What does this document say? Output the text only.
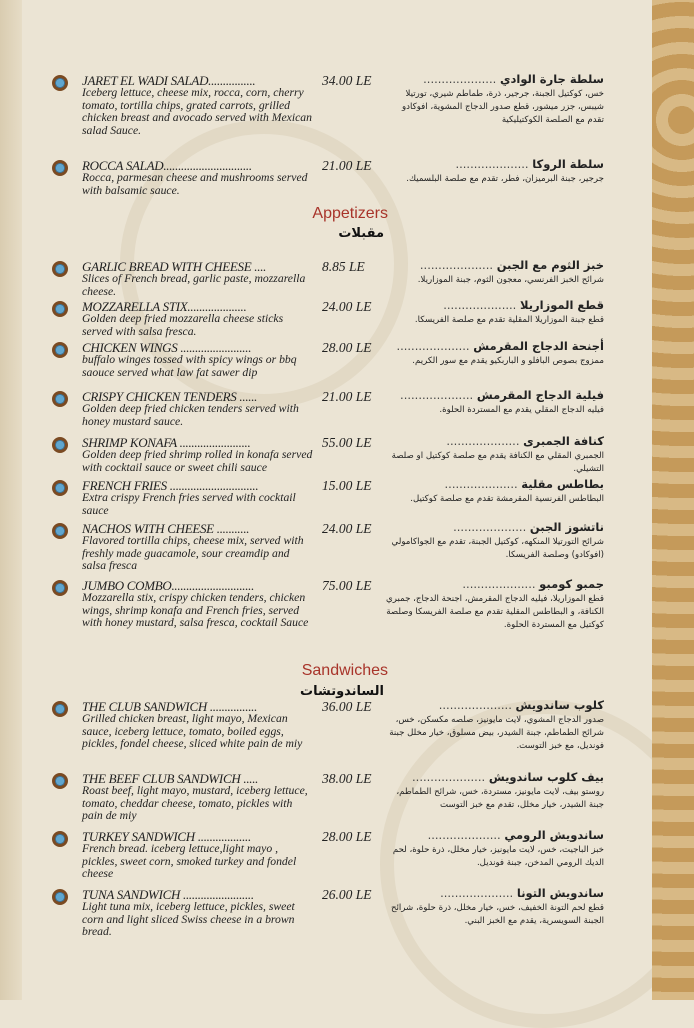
JARET EL WADI SALAD................
Iceberg lettuce, cheese mix, rocca, corn, cherry tomato, tortilla chips, grated carrots, grilled chicken breast and avocado served with Mexican salad Sauce.
34.00 LE	سلطة جارة الوادي ....................
خس، كوكتيل الجبنة، جرجير، ذرة، طماطم شيري، تورتيلا شيبس، جزر ميشور، قطع صدور الدجاج المشوية، افوكادو تقدم مع الصلصة الكوكتيليكية
ROCCA SALAD..............................
Rocca, parmesan cheese and mushrooms served with balsamic sauce.
21.00 LE	سلطة الروكا ....................
جرجير، جبنة البرميزان، فطر، تقدم مع صلصة البلسميك.
Appetizers
مقبلات
GARLIC BREAD WITH CHEESE ....
Slices of French bread, garlic paste, mozzarella cheese.
8.85 LE	خبز الثوم مع الجبن ....................
شرائح الخبز الفرنسي، معجون الثوم، جبنة الموزاريلا.
MOZZARELLA STIX....................
Golden deep fried mozzarella cheese sticks served with salsa fresca.
24.00 LE	قطع الموزاريلا ....................
قطع جبنة الموزاريلا المقلية تقدم مع صلصة الفريسكا.
CHICKEN WINGS ........................
buffalo winges tossed with spicy wings or bbq saouce served what law fat sawer dip
28.00 LE	أجنحة الدجاج المقرمش ....................
ممزوج بصوص البافلو و الباربكيو يقدم مع سور الكريم.
CRISPY CHICKEN TENDERS ......
Golden deep fried chicken tenders served with honey mustard sauce.
21.00 LE	فيلية الدجاج المقرمش ....................
فيليه الدجاج المقلي يقدم مع المستردة الحلوة.
SHRIMP KONAFA ........................
Golden deep fried shrimp rolled in konafa served with cocktail sauce or sweet chili sauce
55.00 LE	كنافة الجمبرى ....................
الجمبري المقلي مع الكنافة يقدم مع صلصة كوكتيل او صلصة التشيلي.
FRENCH FRIES ..............................
Extra crispy French fries served with cocktail sauce
15.00 LE	بطاطس مقلية ....................
البطاطس الفرنسية المقرمشة تقدم مع صلصة كوكتيل.
NACHOS WITH CHEESE ...........
Flavored tortilla chips, cheese mix, served with freshly made guacamole, sour creamdip and salsa fresca
24.00 LE	ناتشوز الجبن ....................
شرائح التورتيلا المنكهه، كوكتيل الجبنة، تقدم مع الجواكامولي (افوكادو) وصلصة الفريسكا.
JUMBO COMBO............................
Mozzarella stix, crispy chicken tenders, chicken wings, shrimp konafa and French fries, served with honey mustard, salsa fresca, cocktail Sauce
75.00 LE	جمبو كومبو ....................
قطع الموزاريلا، فيليه الدجاج المقرمش، اجنحة الدجاج، جمبري الكنافة، و البطاطس المقلية تقدم مع صلصة الفريسكا وصلصة كوكتيل مع المستردة الحلوة.
Sandwiches
الساندوتشات
THE CLUB SANDWICH ................
Grilled chicken breast, light mayo, Mexican sauce, iceberg lettuce, tomato, boiled eggs, pickles, fondel cheese, sliced white pain de miy
36.00 LE	كلوب ساندويش ....................
صدور الدجاج المشوي، لايت مايونيز، صلصه مكسكن، خس، شرائح الطماطم، جبنة الشيدر، بيض مسلوق، خيار مخلل جبنة فونديل، مع خبز التوست.
THE BEEF CLUB SANDWICH .....
Roast beef, light mayo, mustard, iceberg lettuce, tomato, cheddar cheese, tomato, pickles with pain de miy
38.00 LE	بيف كلوب ساندويش ....................
روستو بيف، لايت مايونيز، مستردة، خس، شرائح الطماطم، جبنة الشيدر، خيار مخلل، تقدم مع خبز التوست
TURKEY SANDWICH ..................
French bread. iceberg lettuce,light mayo , pickles, sweet corn, smoked turkey and fondel cheese
28.00 LE	ساندويش الرومي ....................
خبز الباجيت، خس، لايت مايونيز، خيار مخلل، ذرة حلوة، لحم الديك الرومي المدخن، جبنة فونديل.
TUNA SANDWICH ........................
Light tuna mix, iceberg lettuce, pickles, sweet corn and light sliced Swiss cheese in a brown bread.
26.00 LE	ساندويش التونا ....................
قطع لحم التونة الخفيف، خس، خيار مخلل، ذرة حلوة، شرائح الجبنة السويسرية، يقدم مع الخبز البني.
